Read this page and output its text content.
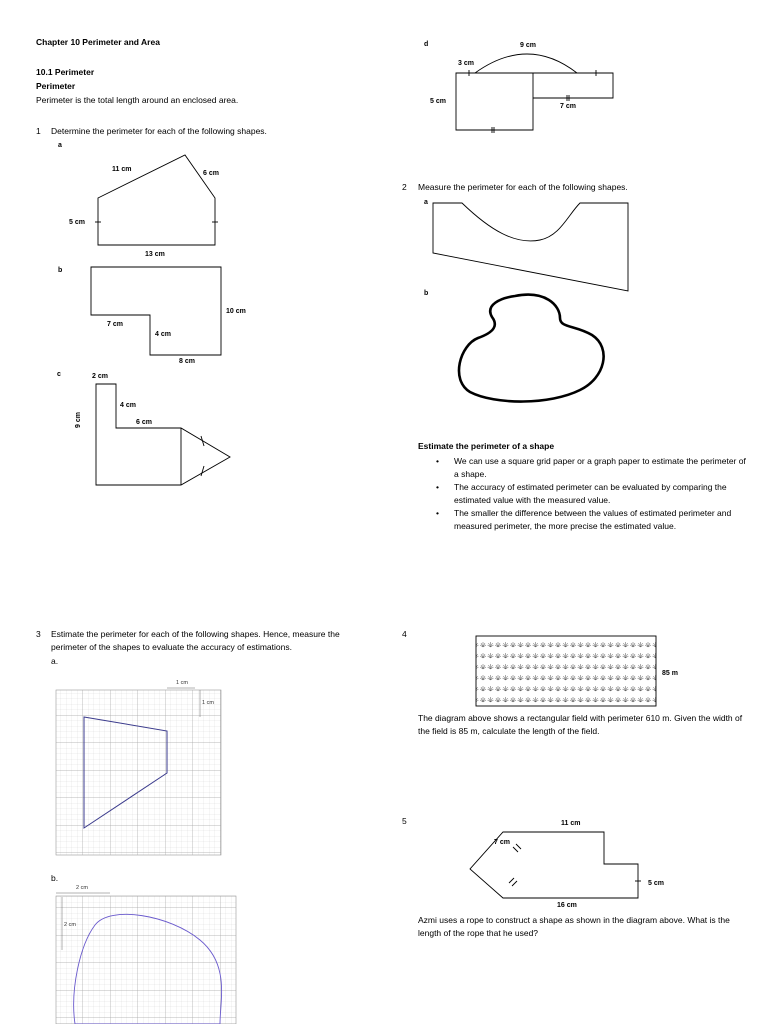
Chapter 10 Perimeter and Area
10.1 Perimeter
Perimeter
Perimeter is the total length around an enclosed area.
1 Determine the perimeter for each of the following shapes.
a
11 cm
6 cm
5 cm
13 cm
b
10 cm
7 cm
4 cm
8 cm
c	2 cm
4 cm
6 cm
9 cm
d	9 cm
3 cm
5 cm
7 cm
2 Measure the perimeter for each of the following shapes.
a
b
Estimate the perimeter of a shape
• We can use a square grid paper or a graph paper to estimate the perimeter of a shape.
• The accuracy of estimated perimeter can be evaluated by comparing the estimated value with the measured value.
• The smaller the difference between the values of estimated perimeter and measured perimeter, the more precise the estimated value.
3 Estimate the perimeter for each of the following shapes. Hence, measure the perimeter of the shapes to evaluate the accuracy of estimations.
a.
1 cm
1 cm
b.
2 cm
2 cm
4
85 m
The diagram above shows a rectangular field with perimeter 610 m. Given the width of the field is 85 m, calculate the length of the field.
5	11 cm
7 cm
5 cm
16 cm
Azmi uses a rope to construct a shape as shown in the diagram above. What is the length of the rope that he used?
